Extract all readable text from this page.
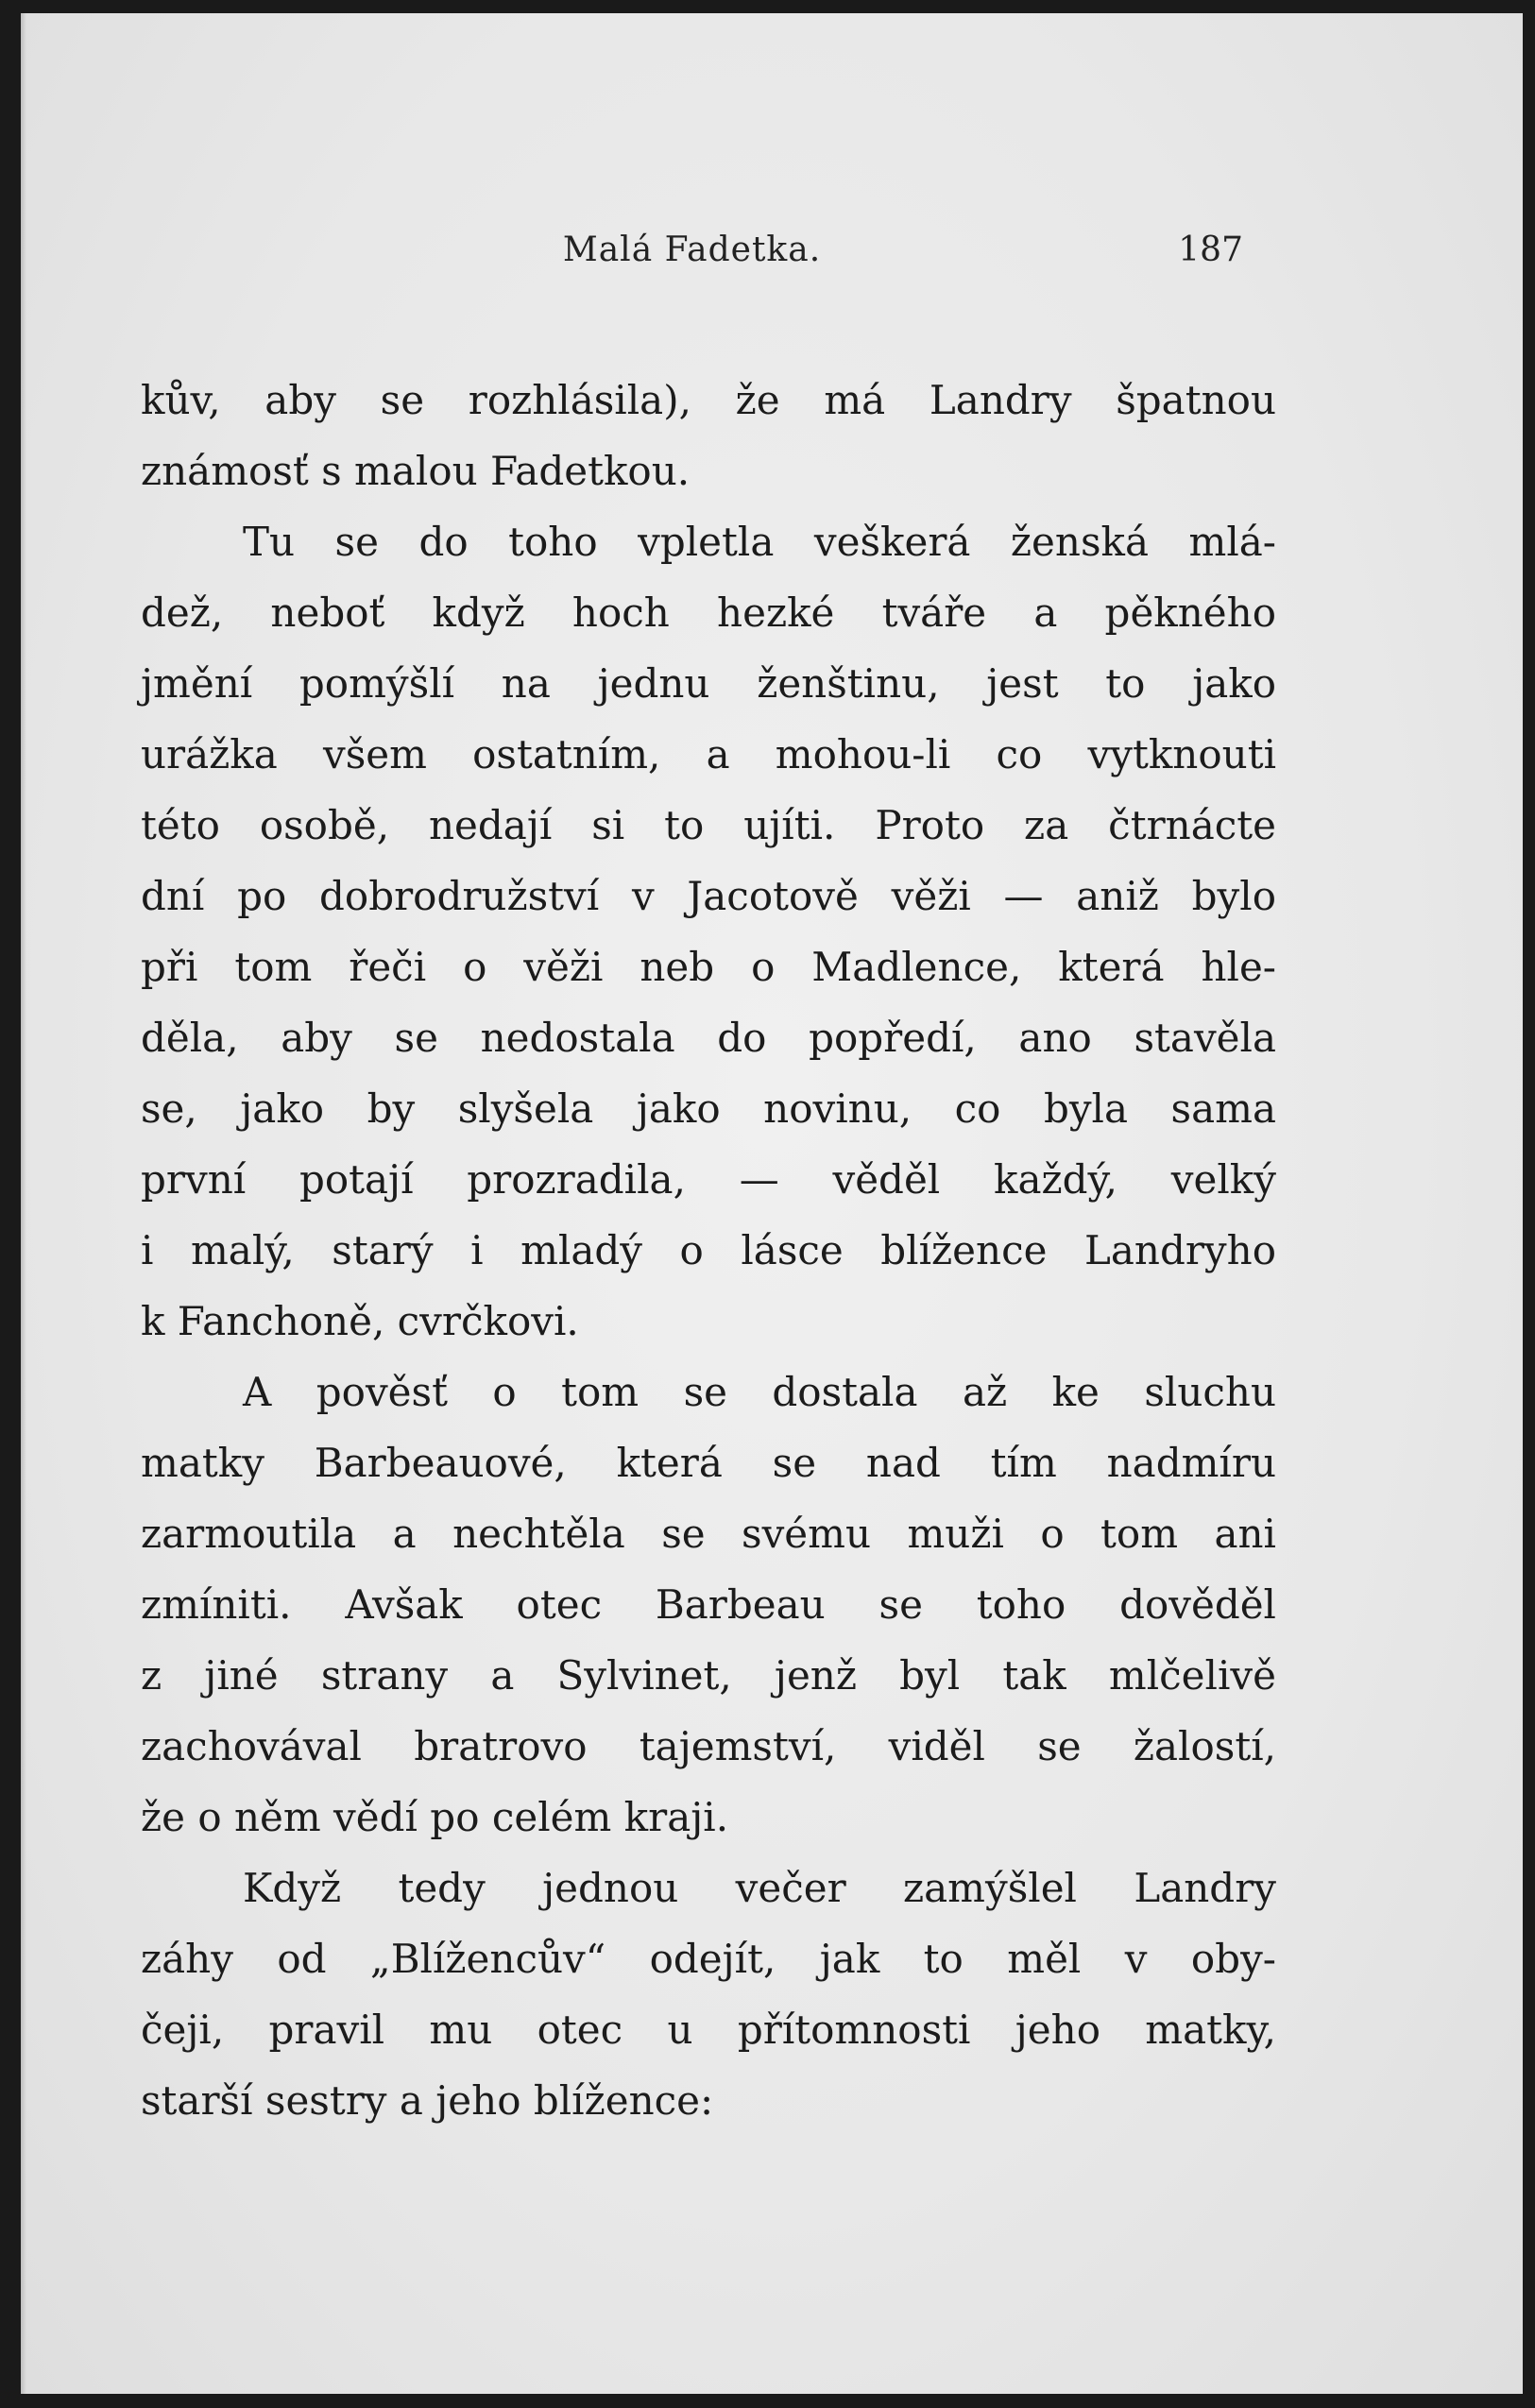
Malá Fadetka.	187
kův, aby se rozhlásila), že má Landry špatnou
známosť s malou Fadetkou.
Tu se do toho vpletla veškerá ženská mlá-
dež, neboť když hoch hezké tváře a pěkného
jmění pomýšlí na jednu ženštinu, jest to jako
urážka všem ostatním, a mohou-li co vytknouti
této osobě, nedají si to ujíti. Proto za čtrnácte
dní po dobrodružství v Jacotově věži — aniž bylo
při tom řeči o věži neb o Madlence, která hle-
děla, aby se nedostala do popředí, ano stavěla
se, jako by slyšela jako novinu, co byla sama
první potají prozradila, — věděl každý, velký
i malý, starý i mladý o lásce blížence Landryho
k Fanchoně, cvrčkovi.
A pověsť o tom se dostala až ke sluchu
matky Barbeauové, která se nad tím nadmíru
zarmoutila a nechtěla se svému muži o tom ani
zmíniti. Avšak otec Barbeau se toho dověděl
z jiné strany a Sylvinet, jenž byl tak mlčelivě
zachovával bratrovo tajemství, viděl se žalostí,
že o něm vědí po celém kraji.
Když tedy jednou večer zamýšlel Landry
záhy od „Blížencův“ odejít, jak to měl v oby-
čeji, pravil mu otec u přítomnosti jeho matky,
starší sestry a jeho blížence:
